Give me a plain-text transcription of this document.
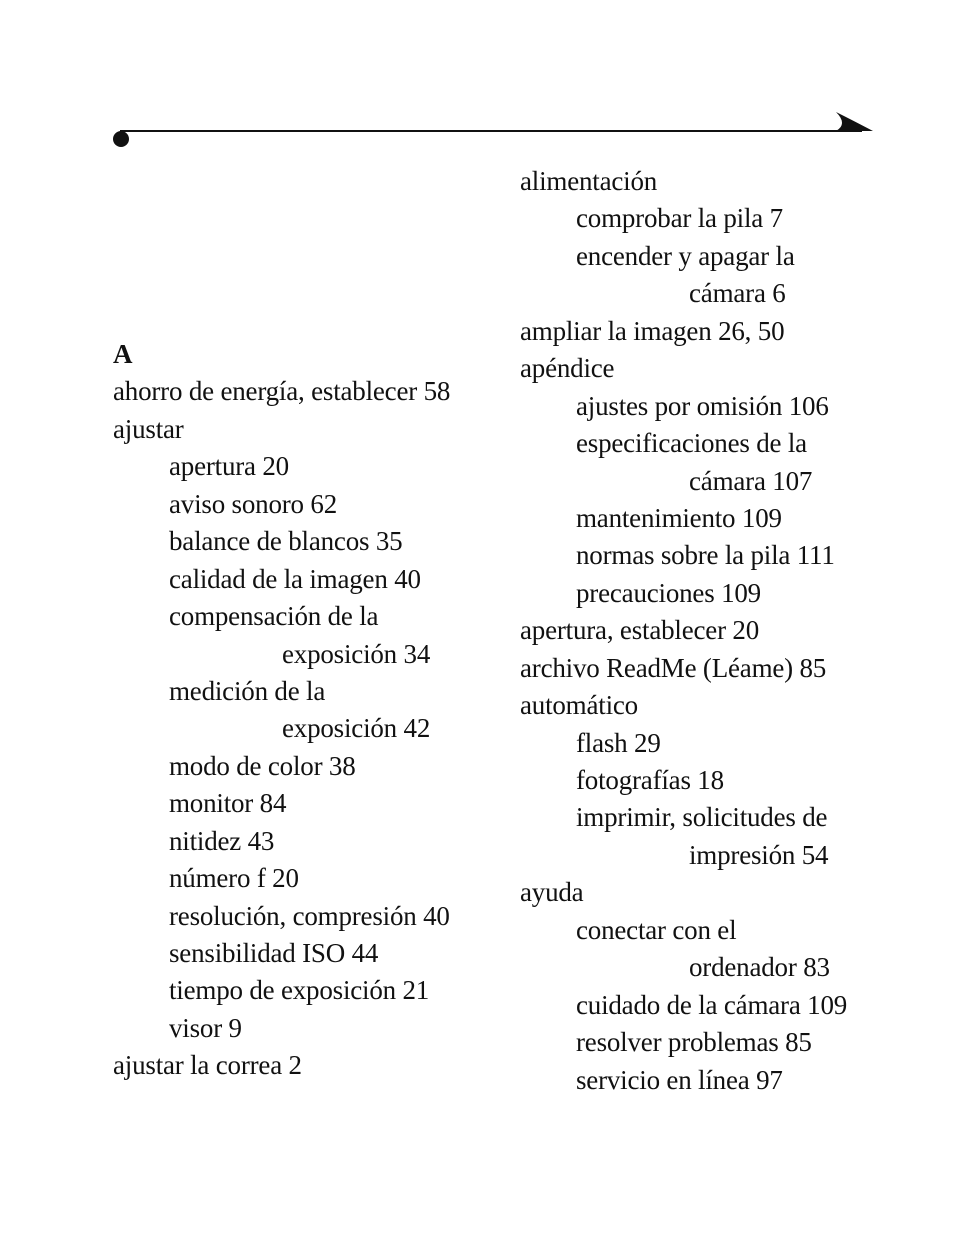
A
ahorro de energía, establecer 58
ajustar
apertura 20
aviso sonoro 62
balance de blancos 35
calidad de la imagen 40
compensación de la
exposición 34
medición de la
exposición 42
modo de color 38
monitor 84
nitidez 43
número f 20
resolución, compresión 40
sensibilidad ISO 44
tiempo de exposición 21
visor 9
ajustar la correa 2
alimentación
comprobar la pila 7
encender y apagar la
cámara 6
ampliar la imagen 26, 50
apéndice
ajustes por omisión 106
especificaciones de la
cámara 107
mantenimiento 109
normas sobre la pila 111
precauciones 109
apertura, establecer 20
archivo ReadMe (Léame) 85
automático
flash 29
fotografías 18
imprimir, solicitudes de
impresión 54
ayuda
conectar con el
ordenador 83
cuidado de la cámara 109
resolver problemas 85
servicio en línea 97
